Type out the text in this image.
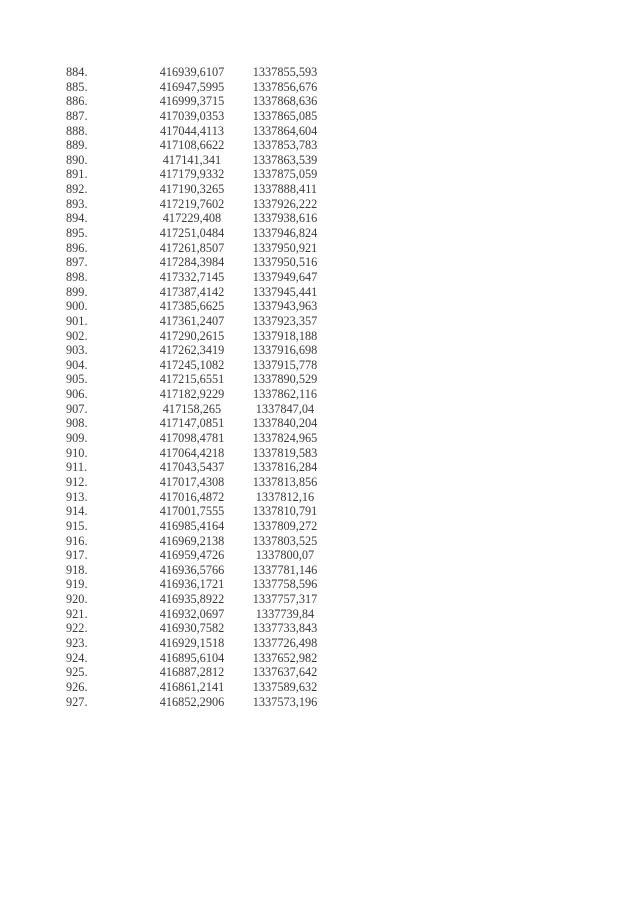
884.	416939,6107	1337855,593
885.	416947,5995	1337856,676
886.	416999,3715	1337868,636
887.	417039,0353	1337865,085
888.	417044,4113	1337864,604
889.	417108,6622	1337853,783
890.	417141,341	1337863,539
891.	417179,9332	1337875,059
892.	417190,3265	1337888,411
893.	417219,7602	1337926,222
894.	417229,408	1337938,616
895.	417251,0484	1337946,824
896.	417261,8507	1337950,921
897.	417284,3984	1337950,516
898.	417332,7145	1337949,647
899.	417387,4142	1337945,441
900.	417385,6625	1337943,963
901.	417361,2407	1337923,357
902.	417290,2615	1337918,188
903.	417262,3419	1337916,698
904.	417245,1082	1337915,778
905.	417215,6551	1337890,529
906.	417182,9229	1337862,116
907.	417158,265	1337847,04
908.	417147,0851	1337840,204
909.	417098,4781	1337824,965
910.	417064,4218	1337819,583
911.	417043,5437	1337816,284
912.	417017,4308	1337813,856
913.	417016,4872	1337812,16
914.	417001,7555	1337810,791
915.	416985,4164	1337809,272
916.	416969,2138	1337803,525
917.	416959,4726	1337800,07
918.	416936,5766	1337781,146
919.	416936,1721	1337758,596
920.	416935,8922	1337757,317
921.	416932,0697	1337739,84
922.	416930,7582	1337733,843
923.	416929,1518	1337726,498
924.	416895,6104	1337652,982
925.	416887,2812	1337637,642
926.	416861,2141	1337589,632
927.	416852,2906	1337573,196
